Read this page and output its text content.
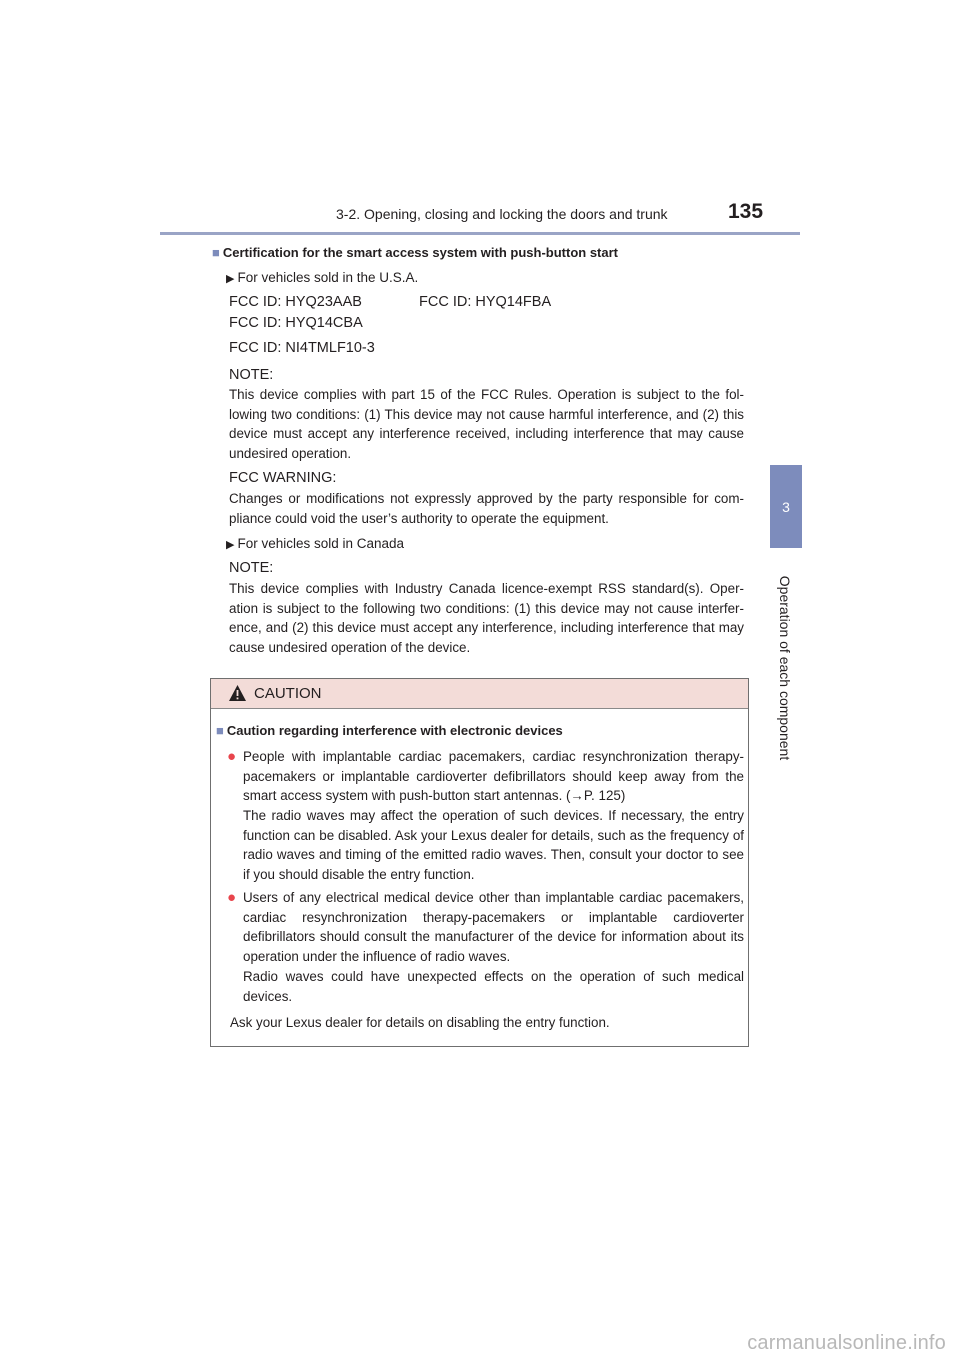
3-2. Opening, closing and locking the doors and trunk	135
3
Operation of each component
■ Certification for the smart access system with push-button start
▶ For vehicles sold in the U.S.A.
FCC ID: HYQ23AAB	FCC ID: HYQ14FBA
FCC ID: HYQ14CBA
FCC ID: NI4TMLF10-3
NOTE:
This device complies with part 15 of the FCC Rules. Operation is subject to the following two conditions: (1) This device may not cause harmful interference, and (2) this device must accept any interference received, including interference that may cause undesired operation.
FCC WARNING:
Changes or modifications not expressly approved by the party responsible for compliance could void the user’s authority to operate the equipment.
▶ For vehicles sold in Canada
NOTE:
This device complies with Industry Canada licence-exempt RSS standard(s). Operation is subject to the following two conditions: (1) this device may not cause interference, and (2) this device must accept any interference, including interference that may cause undesired operation of the device.
CAUTION
■ Caution regarding interference with electronic devices
● People with implantable cardiac pacemakers, cardiac resynchronization therapy-pacemakers or implantable cardioverter defibrillators should keep away from the smart access system with push-button start antennas. (→P. 125)
The radio waves may affect the operation of such devices. If necessary, the entry function can be disabled. Ask your Lexus dealer for details, such as the frequency of radio waves and timing of the emitted radio waves. Then, consult your doctor to see if you should disable the entry function.
● Users of any electrical medical device other than implantable cardiac pacemakers, cardiac resynchronization therapy-pacemakers or implantable cardioverter defibrillators should consult the manufacturer of the device for information about its operation under the influence of radio waves.
Radio waves could have unexpected effects on the operation of such medical devices.
Ask your Lexus dealer for details on disabling the entry function.
carmanualsonline.info
